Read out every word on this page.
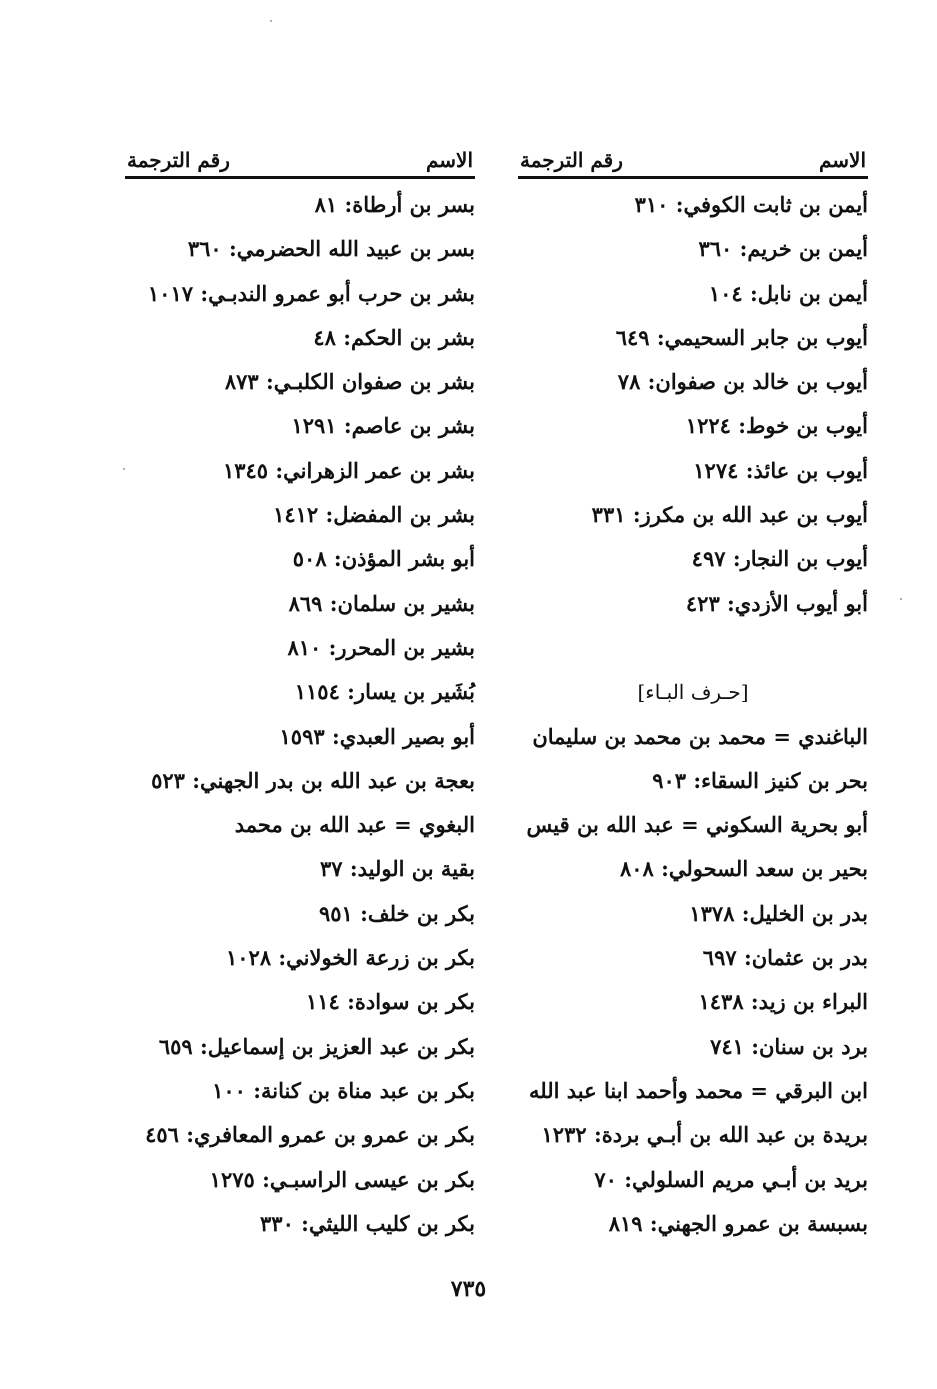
الاسم
رقم الترجمة
أيمن بن ثابت الكوفي: ٣١٠
أيمن بن خريم: ٣٦٠
أيمن بن نابل: ١٠٤
أيوب بن جابر السحيمي: ٦٤٩
أيوب بن خالد بن صفوان: ٧٨
أيوب بن خوط: ١٢٢٤
أيوب بن عائذ: ١٢٧٤
أيوب بن عبد الله بن مكرز: ٣٣١
أيوب بن النجار: ٤٩٧
أبو أيوب الأزدي: ٤٢٣
[حـرف البـاء]
الباغندي = محمد بن محمد بن سليمان
بحر بن كنيز السقاء: ٩٠٣
أبو بحرية السكوني = عبد الله بن قيس
بحير بن سعد السحولي: ٨٠٨
بدر بن الخليل: ١٣٧٨
بدر بن عثمان: ٦٩٧
البراء بن زيد: ١٤٣٨
برد بن سنان: ٧٤١
ابن البرقي = محمد وأحمد ابنا عبد الله
بريدة بن عبد الله بن أبـي بردة: ١٢٣٢
بريد بن أبـي مريم السلولي: ٧٠
بسبسة بن عمرو الجهني: ٨١٩
الاسم
رقم الترجمة
بسر بن أرطاة: ٨١
بسر بن عبيد الله الحضرمي: ٣٦٠
بشر بن حرب أبو عمرو الندبـي: ١٠١٧
بشر بن الحكم: ٤٨
بشر بن صفوان الكلبـي: ٨٧٣
بشر بن عاصم: ١٢٩١
بشر بن عمر الزهراني: ١٣٤٥
بشر بن المفضل: ١٤١٢
أبو بشر المؤذن: ٥٠٨
بشير بن سلمان: ٨٦٩
بشير بن المحرر: ٨١٠
بُشَير بن يسار: ١١٥٤
أبو بصير العبدي: ١٥٩٣
بعجة بن عبد الله بن بدر الجهني: ٥٢٣
البغوي = عبد الله بن محمد
بقية بن الوليد: ٣٧
بكر بن خلف: ٩٥١
بكر بن زرعة الخولاني: ١٠٢٨
بكر بن سوادة: ١١٤
بكر بن عبد العزيز بن إسماعيل: ٦٥٩
بكر بن عبد مناة بن كنانة: ١٠٠
بكر بن عمرو بن عمرو المعافري: ٤٥٦
بكر بن عيسى الراسبـي: ١٢٧٥
بكر بن كليب الليثي: ٣٣٠
٧٣٥
